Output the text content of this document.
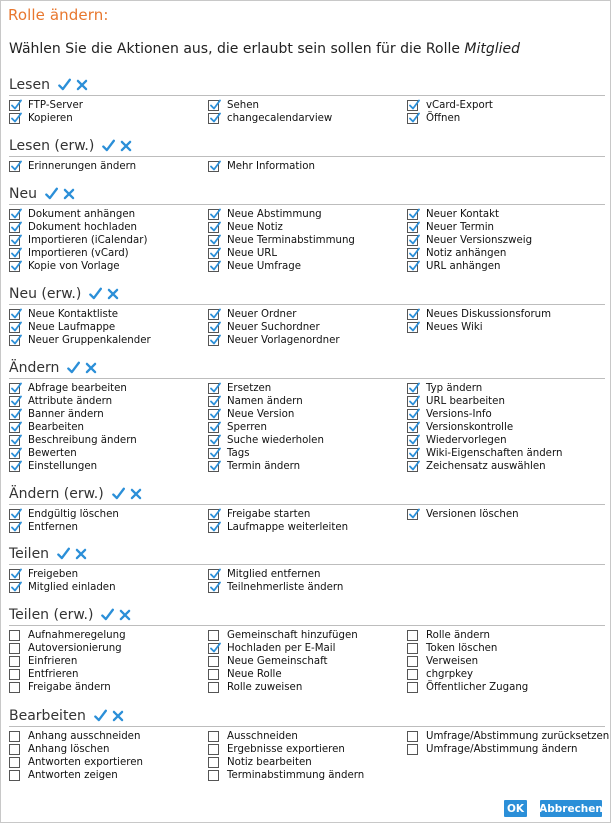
Rolle ändern:
Wählen Sie die Aktionen aus, die erlaubt sein sollen für die Rolle Mitglied
Lesen
FTP-Server
Kopieren
Sehen
changecalendarview
vCard-Export
Öffnen
Lesen (erw.)
Erinnerungen ändern	Mehr Information
Neu
Dokument anhängen
Dokument hochladen
Importieren (iCalendar)
Importieren (vCard)
Kopie von Vorlage
Neue Abstimmung
Neue Notiz
Neue Terminabstimmung
Neue URL
Neue Umfrage
Neuer Kontakt
Neuer Termin
Neuer Versionszweig
Notiz anhängen
URL anhängen
Neu (erw.)
Neue Kontaktliste
Neue Laufmappe
Neuer Gruppenkalender
Neuer Ordner
Neuer Suchordner
Neuer Vorlagenordner
Neues Diskussionsforum
Neues Wiki
Ändern
Abfrage bearbeiten
Attribute ändern
Banner ändern
Bearbeiten
Beschreibung ändern
Bewerten
Einstellungen
Ersetzen
Namen ändern
Neue Version
Sperren
Suche wiederholen
Tags
Termin ändern
Typ ändern
URL bearbeiten
Versions-Info
Versionskontrolle
Wiedervorlegen
Wiki-Eigenschaften ändern
Zeichensatz auswählen
Ändern (erw.)
Endgültig löschen
Entfernen
Freigabe starten
Laufmappe weiterleiten
Versionen löschen
Teilen
Freigeben
Mitglied einladen
Mitglied entfernen
Teilnehmerliste ändern
Teilen (erw.)
Aufnahmeregelung
Autoversionierung
Einfrieren
Entfrieren
Freigabe ändern
Gemeinschaft hinzufügen
Hochladen per E-Mail
Neue Gemeinschaft
Neue Rolle
Rolle zuweisen
Rolle ändern
Token löschen
Verweisen
chgrpkey
Öffentlicher Zugang
Bearbeiten
Anhang ausschneiden
Anhang löschen
Antworten exportieren
Antworten zeigen
Ausschneiden
Ergebnisse exportieren
Notiz bearbeiten
Terminabstimmung ändern
Umfrage/Abstimmung zurücksetzen
Umfrage/Abstimmung ändern
OK Abbrechen
